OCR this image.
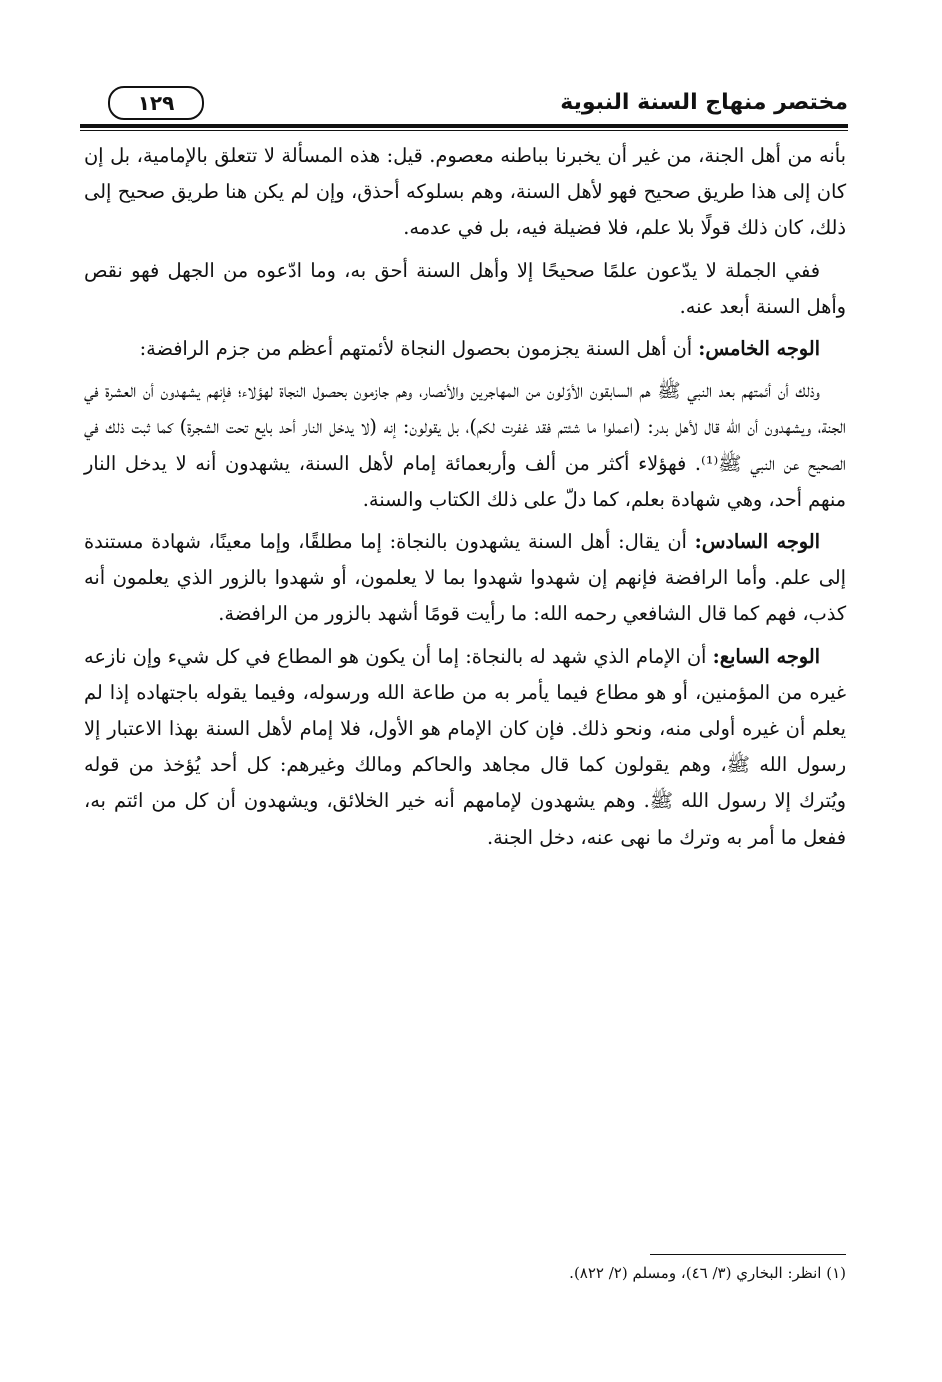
مختصر منهاج السنة النبوية
١٢٩

بأنه من أهل الجنة، من غير أن يخبرنا بباطنه معصوم. قيل: هذه المسألة لا تتعلق بالإمامية، بل إن كان إلى هذا طريق صحيح فهو لأهل السنة، وهم بسلوكه أحذق، وإن لم يكن هنا طريق صحيح إلى ذلك، كان ذلك قولًا بلا علم، فلا فضيلة فيه، بل في عدمه.

ففي الجملة لا يدّعون علمًا صحيحًا إلا وأهل السنة أحق به، وما ادّعوه من الجهل فهو نقص وأهل السنة أبعد عنه.

الوجه الخامس: أن أهل السنة يجزمون بحصول النجاة لأئمتهم أعظم من جزم الرافضة:

وذلك أن أئمتهم بعد النبي ﷺ هم السابقون الأوّلون من المهاجرين والأنصار، وهم جازمون بحصول النجاة لهؤلاء؛ فإنهم يشهدون أن العشرة في الجنة، ويشهدون أن الله قال لأهل بدر: (اعملوا ما شئتم فقد غفرت لكم)، بل يقولون: إنه (لا يدخل النار أحد بايع تحت الشجرة) كما ثبت ذلك في الصحيح عن النبي ﷺ⁽¹⁾. فهؤلاء أكثر من ألف وأربعمائة إمام لأهل السنة، يشهدون أنه لا يدخل النار منهم أحد، وهي شهادة بعلم، كما دلّ على ذلك الكتاب والسنة.

الوجه السادس: أن يقال: أهل السنة يشهدون بالنجاة: إما مطلقًا، وإما معينًا، شهادة مستندة إلى علم. وأما الرافضة فإنهم إن شهدوا شهدوا بما لا يعلمون، أو شهدوا بالزور الذي يعلمون أنه كذب، فهم كما قال الشافعي رحمه الله: ما رأيت قومًا أشهد بالزور من الرافضة.

الوجه السابع: أن الإمام الذي شهد له بالنجاة: إما أن يكون هو المطاع في كل شيء وإن نازعه غيره من المؤمنين، أو هو مطاع فيما يأمر به من طاعة الله ورسوله، وفيما يقوله باجتهاده إذا لم يعلم أن غيره أولى منه، ونحو ذلك. فإن كان الإمام هو الأول، فلا إمام لأهل السنة بهذا الاعتبار إلا رسول الله ﷺ، وهم يقولون كما قال مجاهد والحاكم ومالك وغيرهم: كل أحد يُؤخذ من قوله ويُترك إلا رسول الله ﷺ. وهم يشهدون لإمامهم أنه خير الخلائق، ويشهدون أن كل من ائتم به، ففعل ما أمر به وترك ما نهى عنه، دخل الجنة.

(١) انظر: البخاري (٣/ ٤٦)، ومسلم (٢/ ٨٢٢).
